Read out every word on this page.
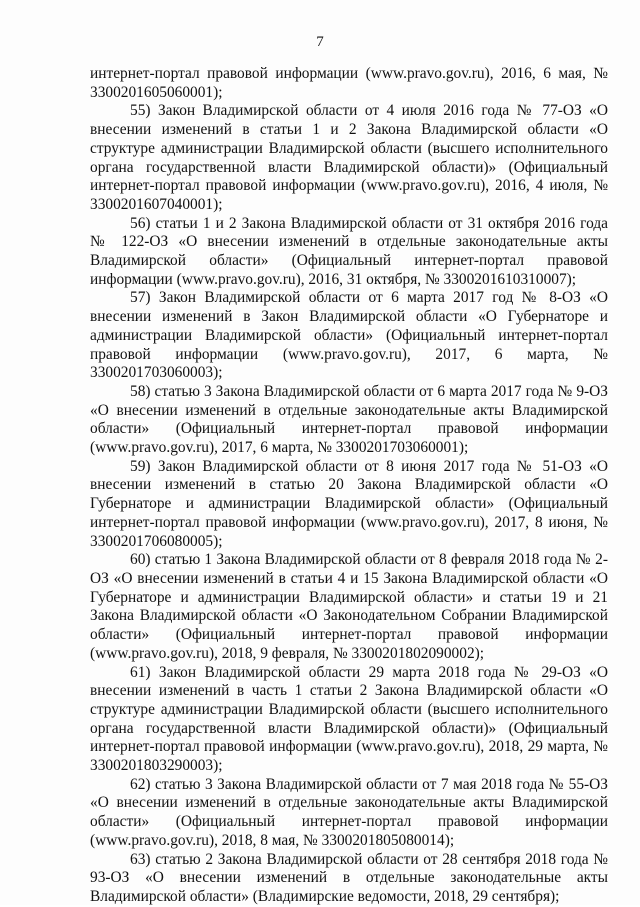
7

интернет-портал правовой информации (www.pravo.gov.ru), 2016, 6 мая, № 3300201605060001);

55) Закон Владимирской области от 4 июля 2016 года № 77-ОЗ «О внесении изменений в статьи 1 и 2 Закона Владимирской области «О структуре администрации Владимирской области (высшего исполнительного органа государственной власти Владимирской области)» (Официальный интернет-портал правовой информации (www.pravo.gov.ru), 2016, 4 июля, № 3300201607040001);

56) статьи 1 и 2 Закона Владимирской области от 31 октября 2016 года № 122-ОЗ «О внесении изменений в отдельные законодательные акты Владимирской области» (Официальный интернет-портал правовой информации (www.pravo.gov.ru), 2016, 31 октября, № 3300201610310007);

57) Закон Владимирской области от 6 марта 2017 год № 8-ОЗ «О внесении изменений в Закон Владимирской области «О Губернаторе и администрации Владимирской области» (Официальный интернет-портал правовой информации (www.pravo.gov.ru), 2017, 6 марта, № 3300201703060003);

58) статью 3 Закона Владимирской области от 6 марта 2017 года № 9-ОЗ «О внесении изменений в отдельные законодательные акты Владимирской области» (Официальный интернет-портал правовой информации (www.pravo.gov.ru), 2017, 6 марта, № 3300201703060001);

59) Закон Владимирской области от 8 июня 2017 года № 51-ОЗ «О внесении изменений в статью 20 Закона Владимирской области «О Губернаторе и администрации Владимирской области» (Официальный интернет-портал правовой информации (www.pravo.gov.ru), 2017, 8 июня, № 3300201706080005);

60) статью 1 Закона Владимирской области от 8 февраля 2018 года № 2-ОЗ «О внесении изменений в статьи 4 и 15 Закона Владимирской области «О Губернаторе и администрации Владимирской области» и статьи 19 и 21 Закона Владимирской области «О Законодательном Собрании Владимирской области» (Официальный интернет-портал правовой информации (www.pravo.gov.ru), 2018, 9 февраля, № 3300201802090002);

61) Закон Владимирской области 29 марта 2018 года № 29-ОЗ «О внесении изменений в часть 1 статьи 2 Закона Владимирской области «О структуре администрации Владимирской области (высшего исполнительного органа государственной власти Владимирской области)» (Официальный интернет-портал правовой информации (www.pravo.gov.ru), 2018, 29 марта, № 3300201803290003);

62) статью 3 Закона Владимирской области от 7 мая 2018 года № 55-ОЗ «О внесении изменений в отдельные законодательные акты Владимирской области» (Официальный интернет-портал правовой информации (www.pravo.gov.ru), 2018, 8 мая, № 3300201805080014);

63) статью 2 Закона Владимирской области от 28 сентября 2018 года № 93-ОЗ «О внесении изменений в отдельные законодательные акты Владимирской области» (Владимирские ведомости, 2018, 29 сентября);
